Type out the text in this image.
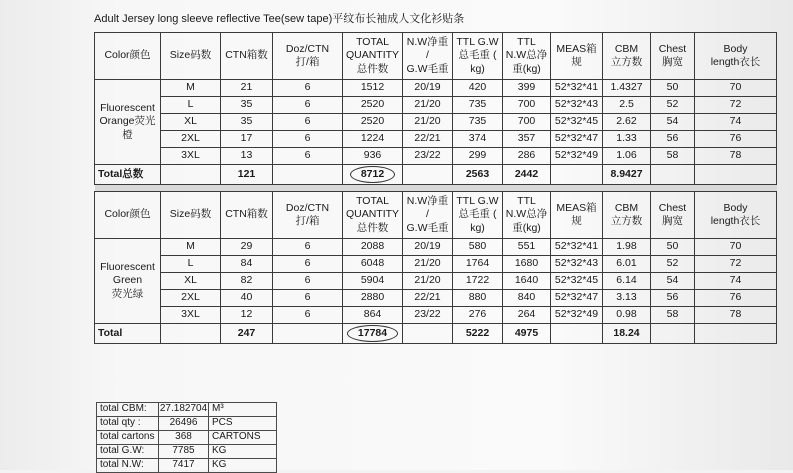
Adult Jersey long sleeve reflective Tee(sew tape)平纹布长袖成人文化衫贴条
Color颜色	Size码数	CTN箱数	Doz/CTN
打/箱	TOTAL
QUANTITY
总件数	N.W净重
/
G.W毛重	TTL G.W
总毛重 (
kg)	TTL
N.W总净
重(kg)	MEAS箱
规	CBM
立方数	Chest
胸宽	Body
length衣长
Fluorescent
Orange荧光
橙	M	21	6	1512	20/19	420	399	52*32*41	1.4327	50	70
	L	35	6	2520	21/20	735	700	52*32*43	2.5	52	72
	XL	35	6	2520	21/20	735	700	52*32*45	2.62	54	74
	2XL	17	6	1224	22/21	374	357	52*32*47	1.33	56	76
	3XL	13	6	936	23/22	299	286	52*32*49	1.06	58	78
Total总数		121		8712		2563	2442		8.9427		

Color颜色	Size码数	CTN箱数	Doz/CTN
打/箱	TOTAL
QUANTITY
总件数	N.W净重
/
G.W毛重	TTL G.W
总毛重 (
kg)	TTL
N.W总净
重(kg)	MEAS箱
规	CBM
立方数	Chest
胸宽	Body
length衣长
Fluorescent
Green
荧光绿	M	29	6	2088	20/19	580	551	52*32*41	1.98	50	70
	L	84	6	6048	21/20	1764	1680	52*32*43	6.01	52	72
	XL	82	6	5904	21/20	1722	1640	52*32*45	6.14	54	74
	2XL	40	6	2880	22/21	880	840	52*32*47	3.13	56	76
	3XL	12	6	864	23/22	276	264	52*32*49	0.98	58	78
Total		247		17784		5222	4975		18.24		
total CBM:	27.182704	M³
total qty :	26496	PCS
total cartons	368	CARTONS
total G.W:	7785	KG
total N.W:	7417	KG
